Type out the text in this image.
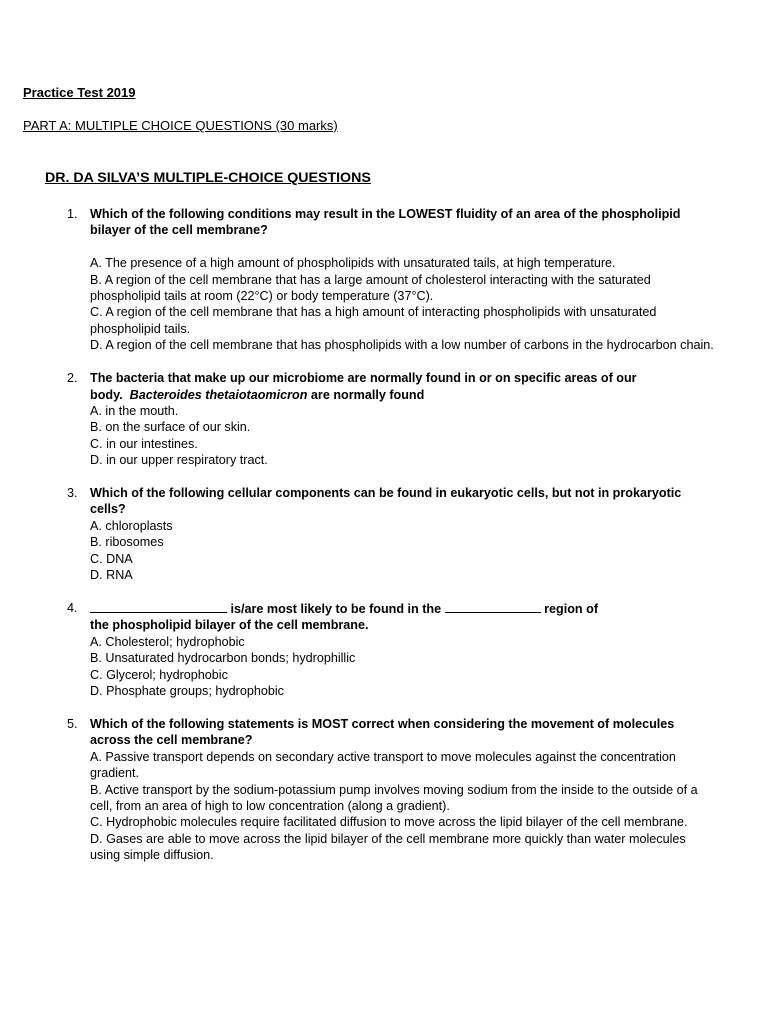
Practice Test 2019
PART A: MULTIPLE CHOICE QUESTIONS (30 marks)
DR. DA SILVA’S MULTIPLE-CHOICE QUESTIONS
1. Which of the following conditions may result in the LOWEST fluidity of an area of the phospholipid bilayer of the cell membrane?
A. The presence of a high amount of phospholipids with unsaturated tails, at high temperature.
B. A region of the cell membrane that has a large amount of cholesterol interacting with the saturated phospholipid tails at room (22°C) or body temperature (37°C).
C. A region of the cell membrane that has a high amount of interacting phospholipids with unsaturated phospholipid tails.
D. A region of the cell membrane that has phospholipids with a low number of carbons in the hydrocarbon chain.
2. The bacteria that make up our microbiome are normally found in or on specific areas of our body. Bacteroides thetaiotaomicron are normally found
A. in the mouth.
B. on the surface of our skin.
C. in our intestines.
D. in our upper respiratory tract.
3. Which of the following cellular components can be found in eukaryotic cells, but not in prokaryotic cells?
A. chloroplasts
B. ribosomes
C. DNA
D. RNA
4.	is/are most likely to be found in the	region of the phospholipid bilayer of the cell membrane.
A. Cholesterol; hydrophobic
B. Unsaturated hydrocarbon bonds; hydrophillic
C. Glycerol; hydrophobic
D. Phosphate groups; hydrophobic
5. Which of the following statements is MOST correct when considering the movement of molecules across the cell membrane?
A. Passive transport depends on secondary active transport to move molecules against the concentration gradient.
B. Active transport by the sodium-potassium pump involves moving sodium from the inside to the outside of a cell, from an area of high to low concentration (along a gradient).
C. Hydrophobic molecules require facilitated diffusion to move across the lipid bilayer of the cell membrane.
D. Gases are able to move across the lipid bilayer of the cell membrane more quickly than water molecules using simple diffusion.
